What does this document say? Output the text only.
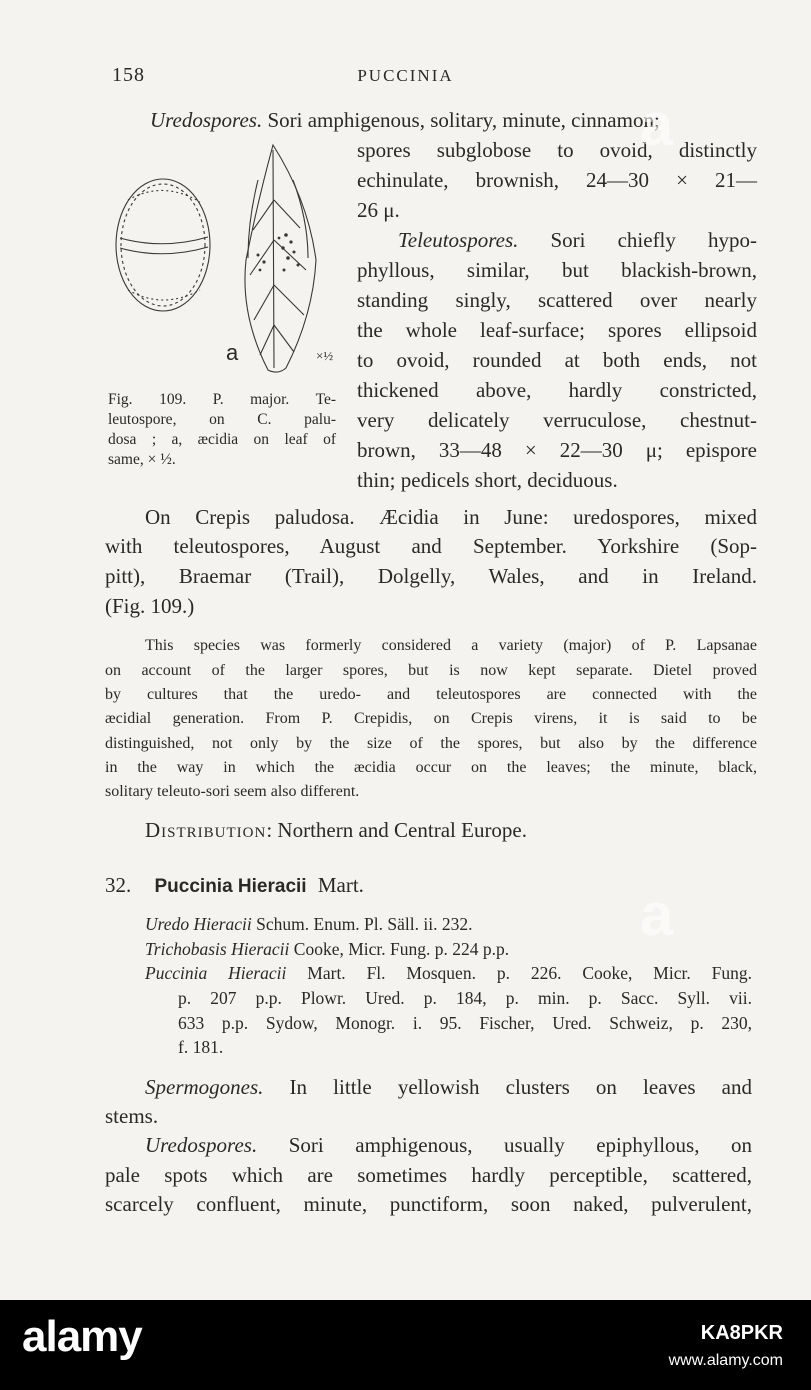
158	PUCCINIA
Uredospores. Sori amphigenous, solitary, minute, cinnamon;
spores subglobose to ovoid, distinctly
echinulate, brownish, 24—30 × 21—
26 μ.
Teleutospores. Sori chiefly hypo-
phyllous, similar, but blackish-brown,
standing singly, scattered over nearly
the whole leaf-surface; spores ellipsoid
to ovoid, rounded at both ends, not
thickened above, hardly constricted,
very delicately verruculose, chestnut-
brown, 33—48 × 22—30 μ; epispore
thin; pedicels short, deciduous.
a	×½
Fig. 109. P. major. Te-
leutospore, on C. palu-
dosa ; a, æcidia on leaf of
same, × ½.
On Crepis paludosa. Æcidia in June: uredospores, mixed
with teleutospores, August and September. Yorkshire (Sop-
pitt), Braemar (Trail), Dolgelly, Wales, and in Ireland.
(Fig. 109.)
This species was formerly considered a variety (major) of P. Lapsanae
on account of the larger spores, but is now kept separate. Dietel proved
by cultures that the uredo- and teleutospores are connected with the
æcidial generation. From P. Crepidis, on Crepis virens, it is said to be
distinguished, not only by the size of the spores, but also by the difference
in the way in which the æcidia occur on the leaves; the minute, black,
solitary teleuto-sori seem also different.
Distribution: Northern and Central Europe.
32. Puccinia Hieracii Mart.
Uredo Hieracii Schum. Enum. Pl. Säll. ii. 232.
Trichobasis Hieracii Cooke, Micr. Fung. p. 224 p.p.
Puccinia Hieracii Mart. Fl. Mosquen. p. 226. Cooke, Micr. Fung.
p. 207 p.p. Plowr. Ured. p. 184, p. min. p. Sacc. Syll. vii.
633 p.p. Sydow, Monogr. i. 95. Fischer, Ured. Schweiz, p. 230,
f. 181.
Spermogones. In little yellowish clusters on leaves and
stems.
Uredospores. Sori amphigenous, usually epiphyllous, on
pale spots which are sometimes hardly perceptible, scattered,
scarcely confluent, minute, punctiform, soon naked, pulverulent,
a
a
alamy	KA8PKR
www.alamy.com
